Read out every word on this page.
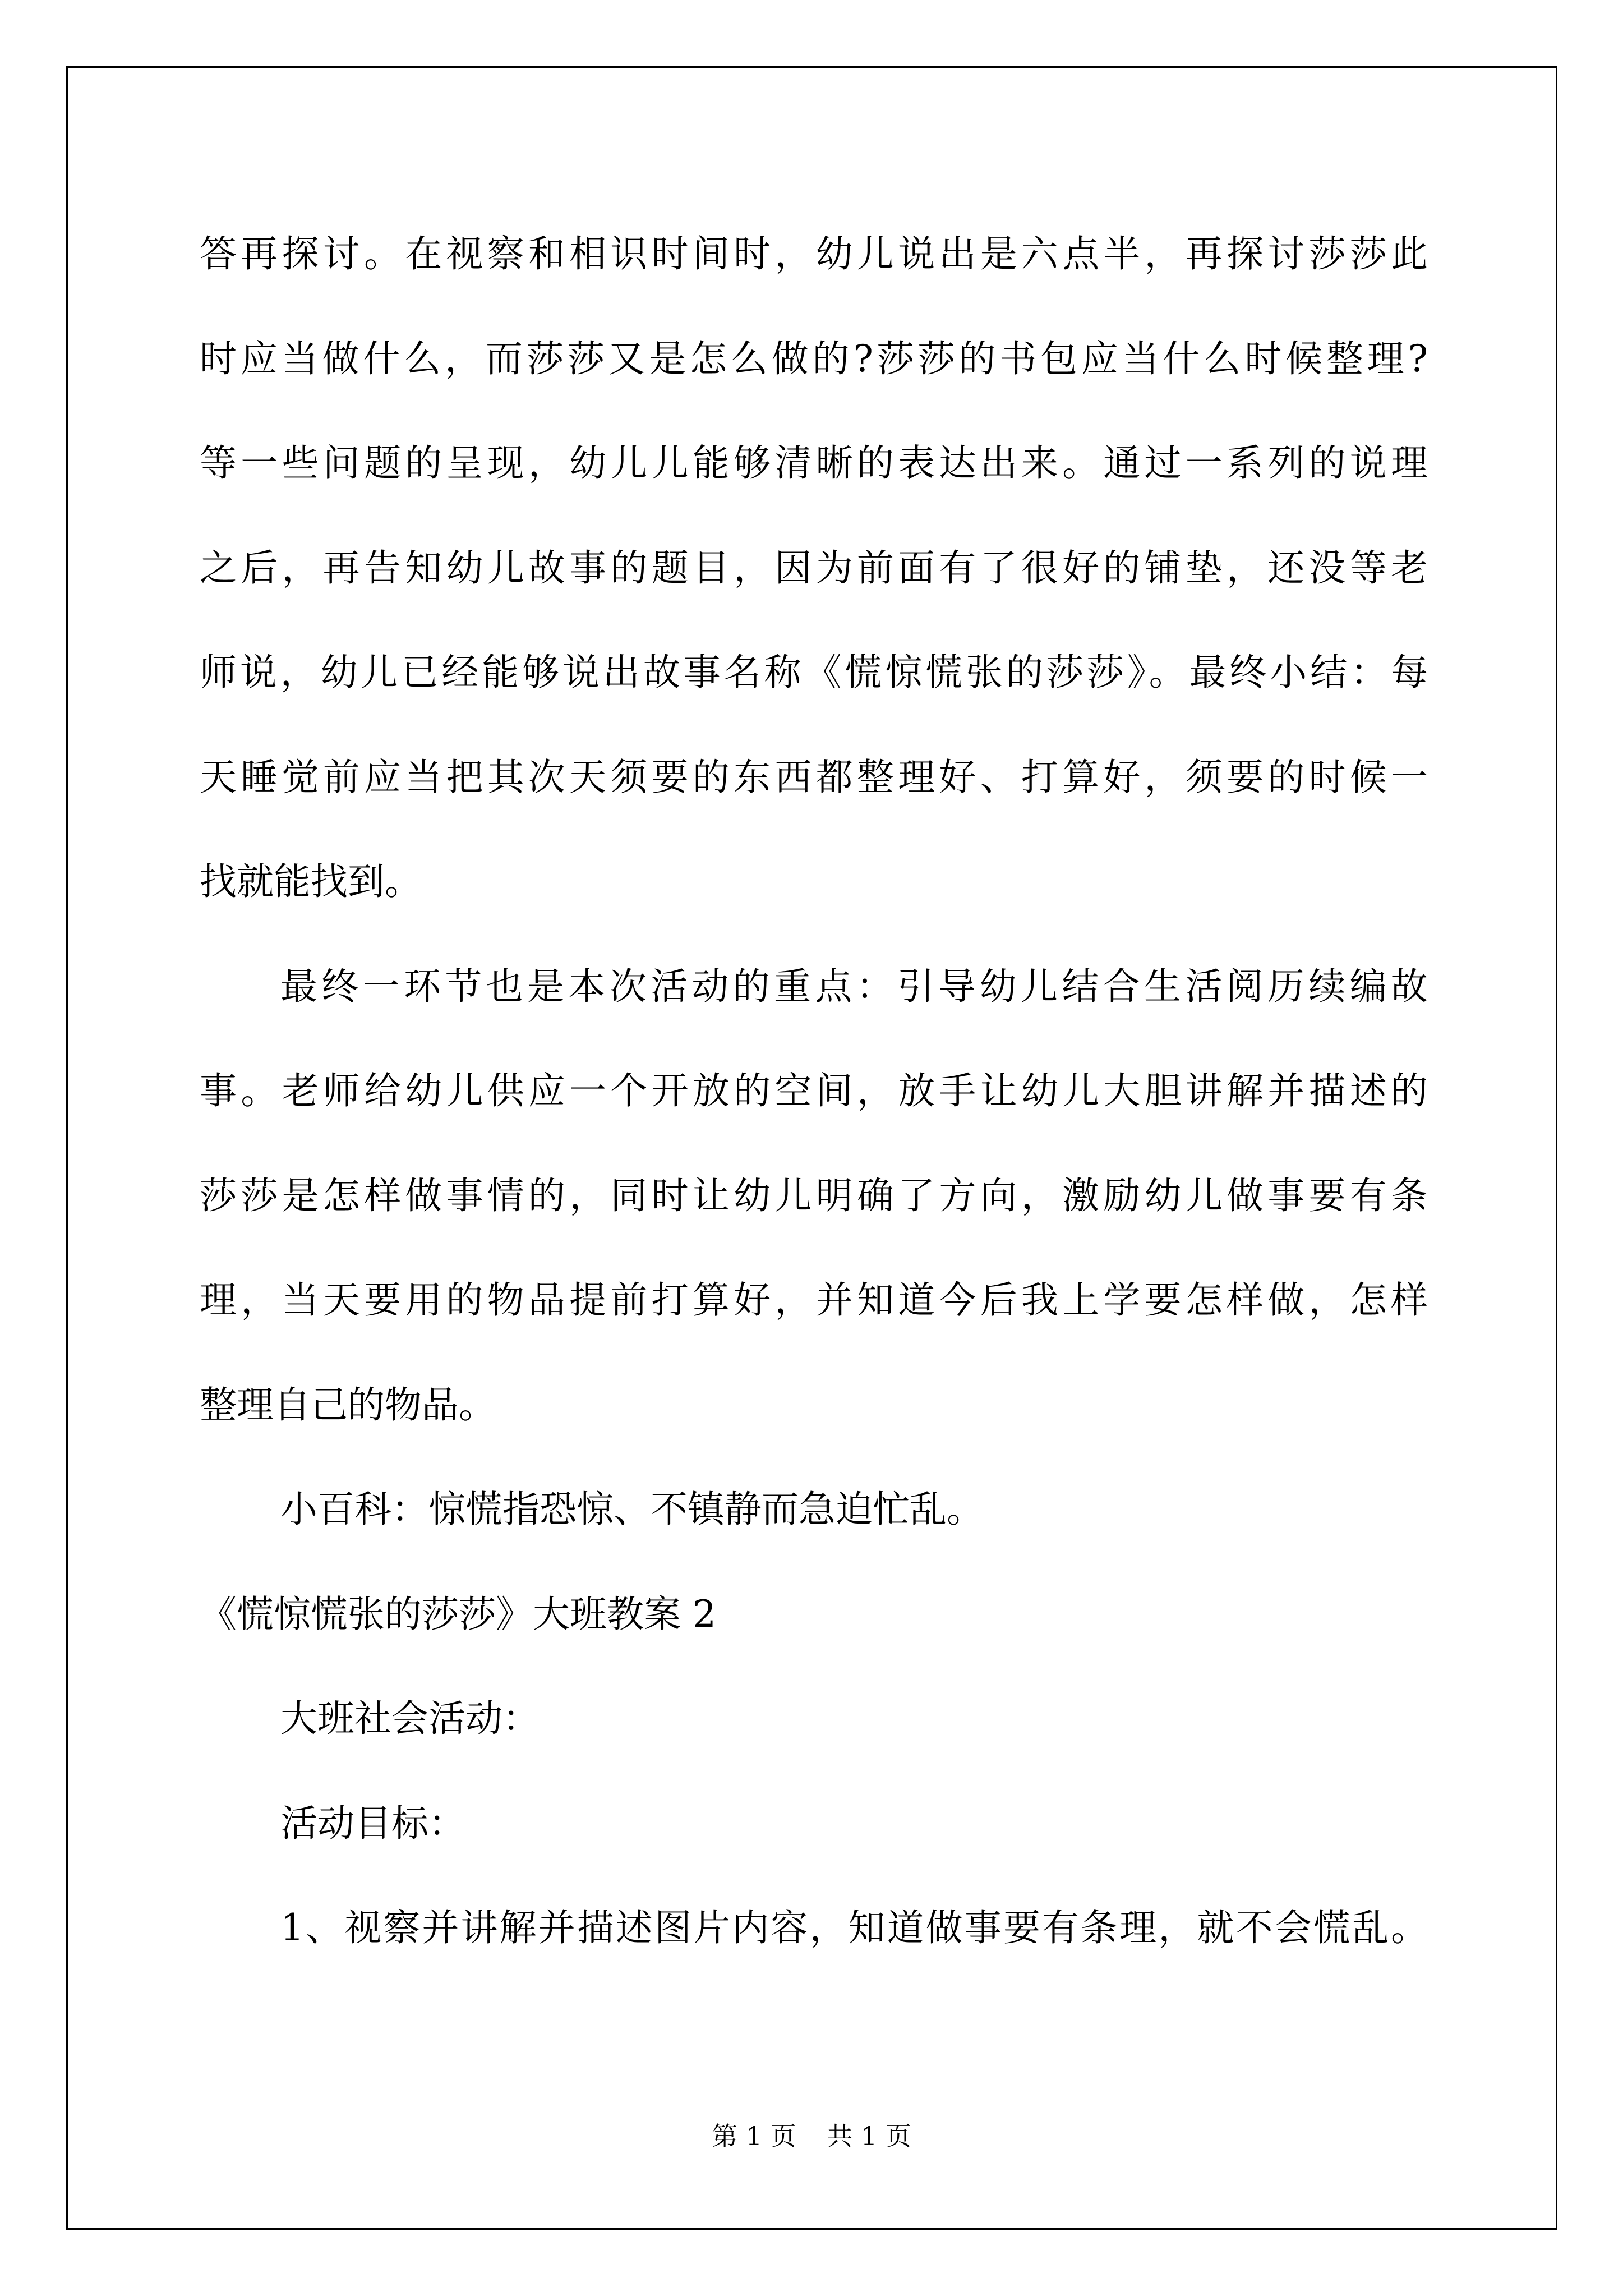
答再探讨。在视察和相识时间时，幼儿说出是六点半，再探讨莎莎此
时应当做什么，而莎莎又是怎么做的?莎莎的书包应当什么时候整理?
等一些问题的呈现，幼儿儿能够清晰的表达出来。通过一系列的说理
之后，再告知幼儿故事的题目，因为前面有了很好的铺垫，还没等老
师说，幼儿已经能够说出故事名称《慌惊慌张的莎莎》。最终小结：每
天睡觉前应当把其次天须要的东西都整理好、打算好，须要的时候一
找就能找到。
最终一环节也是本次活动的重点：引导幼儿结合生活阅历续编故
事。老师给幼儿供应一个开放的空间，放手让幼儿大胆讲解并描述的
莎莎是怎样做事情的，同时让幼儿明确了方向，激励幼儿做事要有条
理，当天要用的物品提前打算好，并知道今后我上学要怎样做，怎样
整理自己的物品。
小百科：惊慌指恐惊、不镇静而急迫忙乱。
《慌惊慌张的莎莎》大班教案 2
大班社会活动：
活动目标：
1、视察并讲解并描述图片内容，知道做事要有条理，就不会慌乱。
第 1 页 共 1 页
